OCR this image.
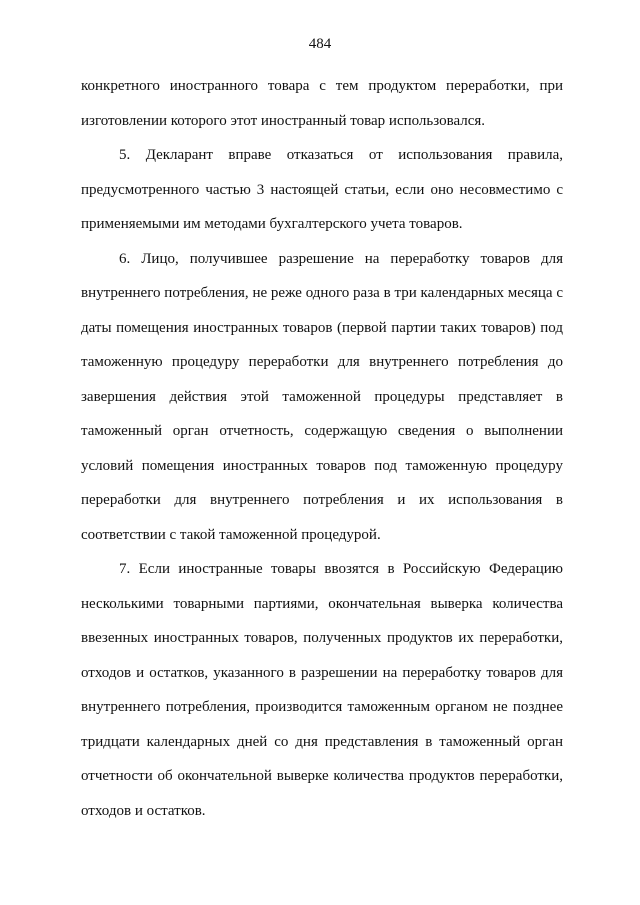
484

конкретного иностранного товара с тем продуктом переработки, при
изготовлении которого этот иностранный товар использовался.

5. Декларант вправе отказаться от использования правила,
предусмотренного частью 3 настоящей статьи, если оно несовместимо с
применяемыми им методами бухгалтерского учета товаров.

6. Лицо, получившее разрешение на переработку товаров для
внутреннего потребления, не реже одного раза в три календарных месяца с
даты помещения иностранных товаров (первой партии таких товаров) под
таможенную процедуру переработки для внутреннего потребления до
завершения действия этой таможенной процедуры представляет в
таможенный орган отчетность, содержащую сведения о выполнении
условий помещения иностранных товаров под таможенную процедуру
переработки для внутреннего потребления и их использования в
соответствии с такой таможенной процедурой.

7. Если иностранные товары ввозятся в Российскую Федерацию
несколькими товарными партиями, окончательная выверка количества
ввезенных иностранных товаров, полученных продуктов их переработки,
отходов и остатков, указанного в разрешении на переработку товаров для
внутреннего потребления, производится таможенным органом не позднее
тридцати календарных дней со дня представления в таможенный орган
отчетности об окончательной выверке количества продуктов переработки,
отходов и остатков.
